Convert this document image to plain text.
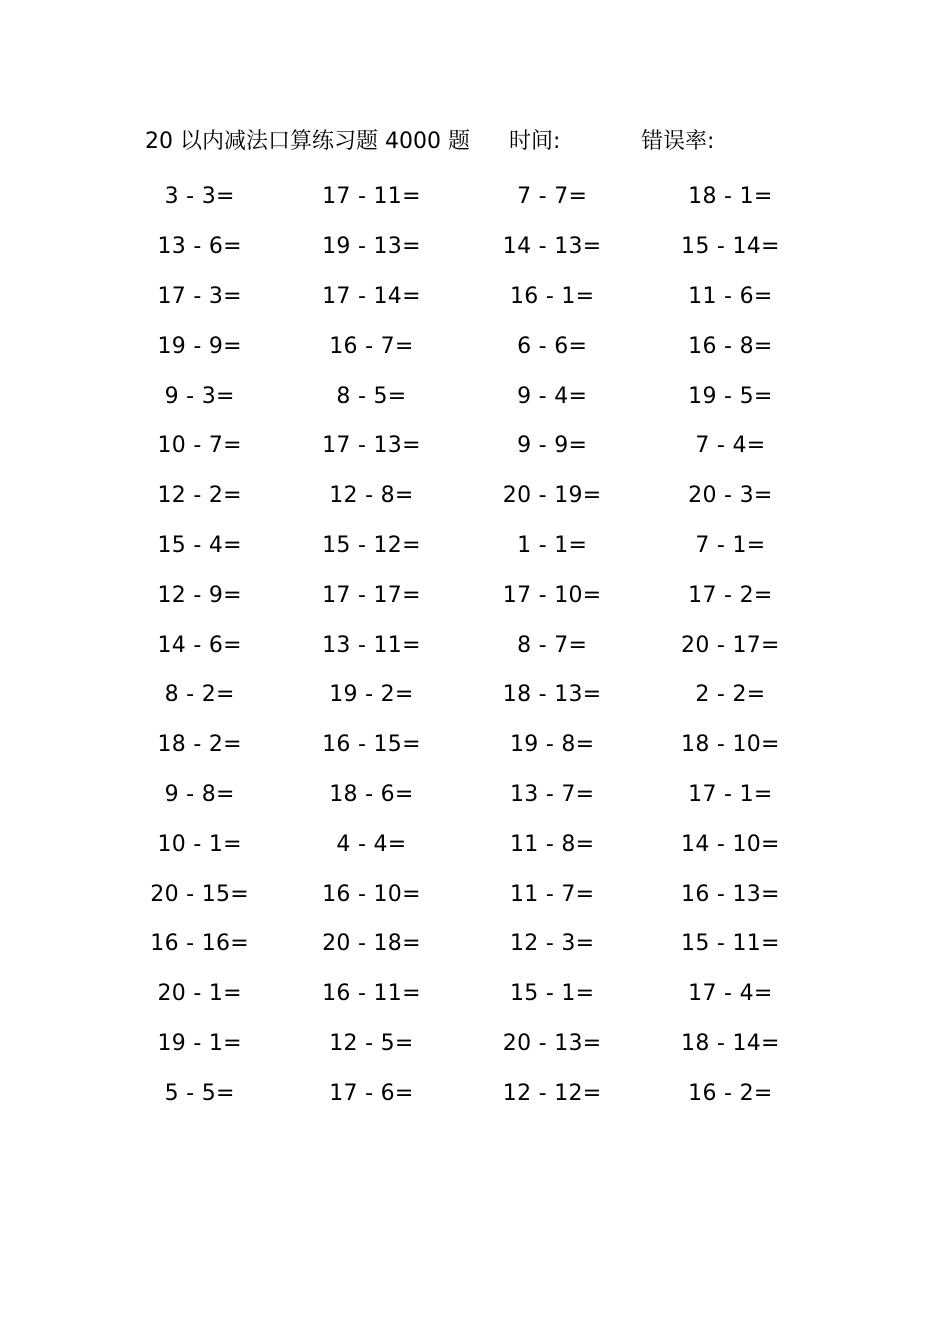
20 以内减法口算练习题 4000 题 时间:	错误率:
3 - 3=	17 - 11=	7 - 7=	18 - 1=
13 - 6=	19 - 13=	14 - 13=	15 - 14=
17 - 3=	17 - 14=	16 - 1=	11 - 6=
19 - 9=	16 - 7=	6 - 6=	16 - 8=
9 - 3=	8 - 5=	9 - 4=	19 - 5=
10 - 7=	17 - 13=	9 - 9=	7 - 4=
12 - 2=	12 - 8=	20 - 19=	20 - 3=
15 - 4=	15 - 12=	1 - 1=	7 - 1=
12 - 9=	17 - 17=	17 - 10=	17 - 2=
14 - 6=	13 - 11=	8 - 7=	20 - 17=
8 - 2=	19 - 2=	18 - 13=	2 - 2=
18 - 2=	16 - 15=	19 - 8=	18 - 10=
9 - 8=	18 - 6=	13 - 7=	17 - 1=
10 - 1=	4 - 4=	11 - 8=	14 - 10=
20 - 15=	16 - 10=	11 - 7=	16 - 13=
16 - 16=	20 - 18=	12 - 3=	15 - 11=
20 - 1=	16 - 11=	15 - 1=	17 - 4=
19 - 1=	12 - 5=	20 - 13=	18 - 14=
5 - 5=	17 - 6=	12 - 12=	16 - 2=
